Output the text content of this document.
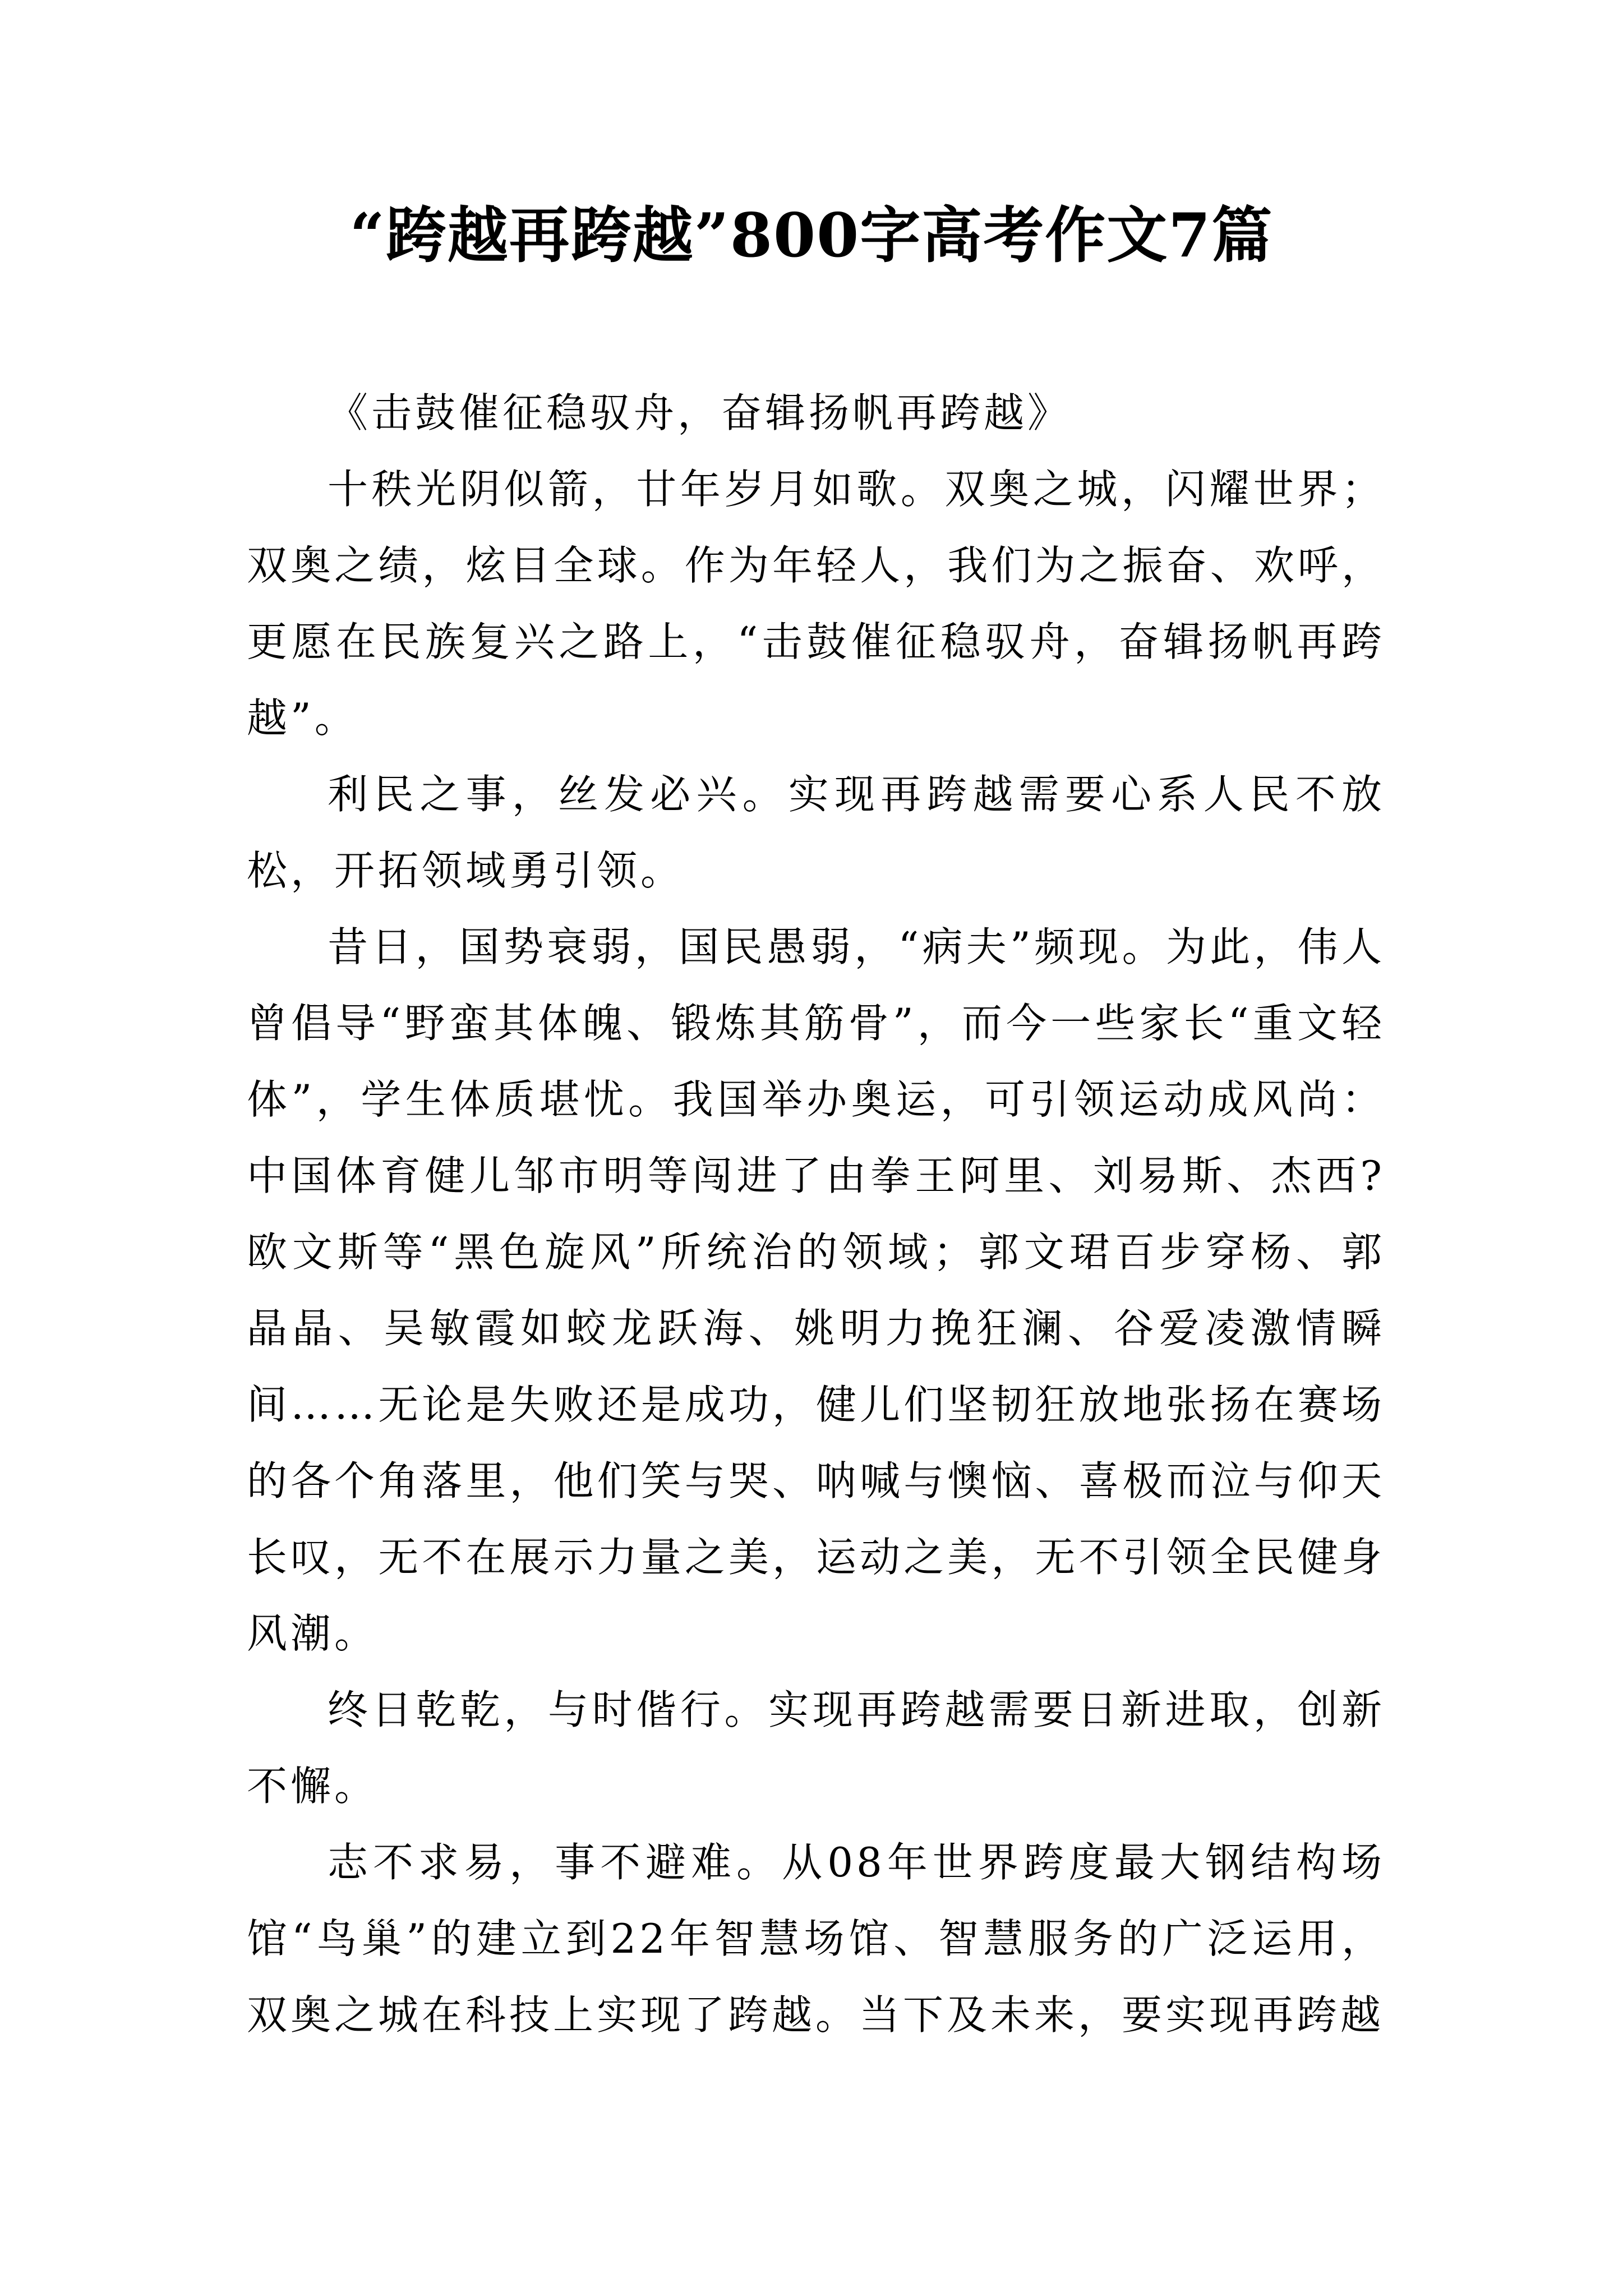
“跨越再跨越”800字高考作文7篇

《击鼓催征稳驭舟，奋辑扬帆再跨越》

十秩光阴似箭，廿年岁月如歌。双奥之城，闪耀世界；双奥之绩，炫目全球。作为年轻人，我们为之振奋、欢呼，更愿在民族复兴之路上，“击鼓催征稳驭舟，奋辑扬帆再跨越”。

利民之事，丝发必兴。实现再跨越需要心系人民不放松，开拓领域勇引领。

昔日，国势衰弱，国民愚弱，“病夫”频现。为此，伟人曾倡导“野蛮其体魄、锻炼其筋骨”，而今一些家长“重文轻体”，学生体质堪忧。我国举办奥运，可引领运动成风尚：中国体育健儿邹市明等闯进了由拳王阿里、刘易斯、杰西?欧文斯等“黑色旋风”所统治的领域；郭文珺百步穿杨、郭晶晶、吴敏霞如蛟龙跃海、姚明力挽狂澜、谷爱凌激情瞬间……无论是失败还是成功，健儿们坚韧狂放地张扬在赛场的各个角落里，他们笑与哭、呐喊与懊恼、喜极而泣与仰天长叹，无不在展示力量之美，运动之美，无不引领全民健身风潮。

终日乾乾，与时偕行。实现再跨越需要日新进取，创新不懈。

志不求易，事不避难。从08年世界跨度最大钢结构场馆“鸟巢”的建立到22年智慧场馆、智慧服务的广泛运用，双奥之城在科技上实现了跨越。当下及未来，要实现再跨越
